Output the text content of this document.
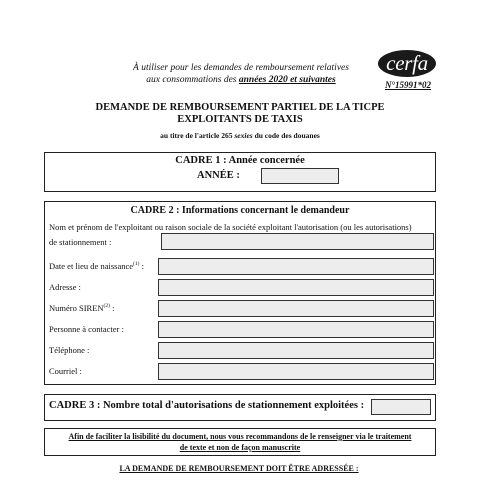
À utiliser pour les demandes de remboursement relatives
aux consommations des années 2020 et suivantes
cerfa
N°15991*02
DEMANDE DE REMBOURSEMENT PARTIEL DE LA TICPE
EXPLOITANTS DE TAXIS
au titre de l'article 265 sexies du code des douanes
CADRE 1 : Année concernée
ANNÉE :
CADRE 2 : Informations concernant le demandeur
Nom et prénom de l'exploitant ou raison sociale de la société exploitant l'autorisation (ou les autorisations)
de stationnement :
Date et lieu de naissance$^{(1)}$ :
Adresse :
Numéro SIREN$^{(2)}$ :
Personne à contacter :
Téléphone :
Courriel :
CADRE 3 : Nombre total d'autorisations de stationnement exploitées :
Afin de faciliter la lisibilité du document, nous vous recommandons de le renseigner via le traitement
de texte et non de façon manuscrite
LA DEMANDE DE REMBOURSEMENT DOIT ÊTRE ADRESSÉE :
